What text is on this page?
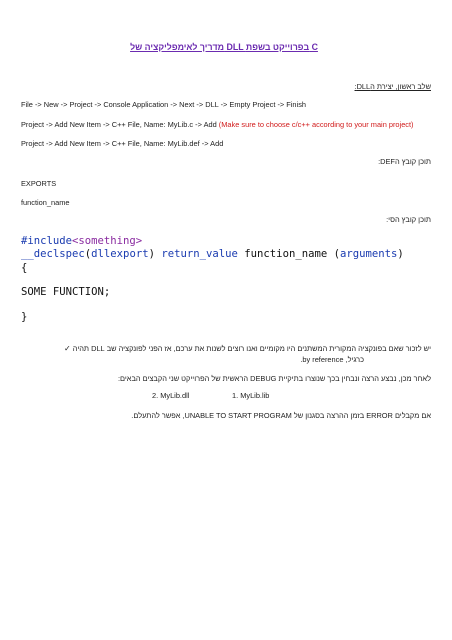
מדריך לאימפליקציה של DLL בפרוייקט בשפת C
שלב ראשון, יצירת הDLL:
File -> New -> Project -> Console Application -> Next -> DLL -> Empty Project -> Finish
Project -> Add New Item -> C++ File, Name: MyLib.c -> Add (Make sure to choose c/c++ according to your main project)
Project -> Add New Item -> C++ File, Name: MyLib.def -> Add
תוכן קובץ הDEF:
EXPORTS
function_name
תוכן קובץ הסי:
#include<something>
__declspec(dllexport) return_value function_name (arguments)
{
SOME FUNCTION;
}
יש לזכור שאם בפונקציה המקורית המשתנים היו מקומיים ואנו רוצים לשנות את ערכם, אז הפני לפונקציה שב DLL תהיה ✓
כרגיל, by reference.
לאחר מכן, נבצע הרצה ונבחין בכך שנוצרו בתיקיית DEBUG הראשית של הפרוייקט שני הקבצים הבאים:
1. MyLib.lib
2. MyLib.dll
אם מקבלים ERROR בזמן ההרצה בסגנון של UNABLE TO START PROGRAM, אפשר להתעלם.
